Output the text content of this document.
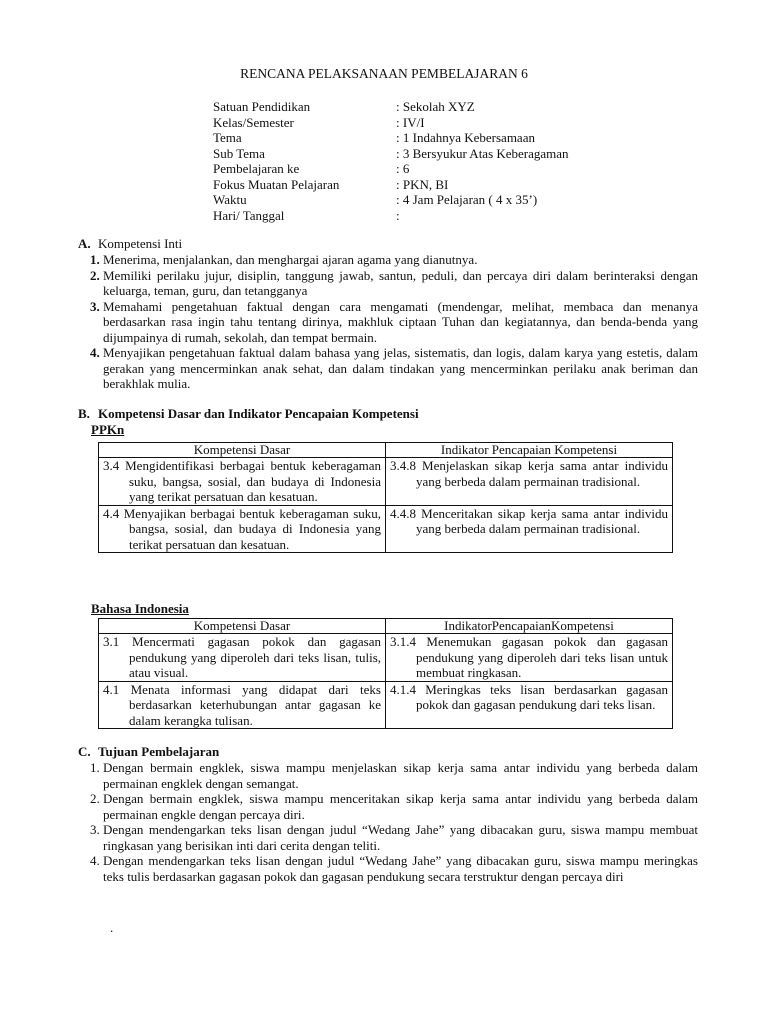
RENCANA PELAKSANAAN PEMBELAJARAN 6
Satuan Pendidikan	: Sekolah XYZ
Kelas/Semester	: IV/I
Tema	: 1 Indahnya Kebersamaan
Sub Tema	: 3 Bersyukur Atas Keberagaman
Pembelajaran ke	: 6
Fokus Muatan Pelajaran	: PKN, BI
Waktu	: 4 Jam Pelajaran ( 4 x 35’)
Hari/ Tanggal	:
A. Kompetensi Inti
1. Menerima, menjalankan, dan menghargai ajaran agama yang dianutnya.
2. Memiliki perilaku jujur, disiplin, tanggung jawab, santun, peduli, dan percaya diri dalam berinteraksi dengan keluarga, teman, guru, dan tetangganya
3. Memahami pengetahuan faktual dengan cara mengamati (mendengar, melihat, membaca dan menanya berdasarkan rasa ingin tahu tentang dirinya, makhluk ciptaan Tuhan dan kegiatannya, dan benda-benda yang dijumpainya di rumah, sekolah, dan tempat bermain.
4. Menyajikan pengetahuan faktual dalam bahasa yang jelas, sistematis, dan logis, dalam karya yang estetis, dalam gerakan yang mencerminkan anak sehat, dan dalam tindakan yang mencerminkan perilaku anak beriman dan berakhlak mulia.
B. Kompetensi Dasar dan Indikator Pencapaian Kompetensi
PPKn
Kompetensi Dasar	Indikator Pencapaian Kompetensi

3.4 Mengidentifikasi berbagai bentuk keberagaman suku, bangsa, sosial, dan budaya di Indonesia yang terikat persatuan dan kesatuan.	3.4.8 Menjelaskan sikap kerja sama antar individu yang berbeda dalam permainan tradisional.

4.4 Menyajikan berbagai bentuk keberagaman suku, bangsa, sosial, dan budaya di Indonesia yang terikat persatuan dan kesatuan.	4.4.8 Menceritakan sikap kerja sama antar individu yang berbeda dalam permainan tradisional.
Bahasa Indonesia
Kompetensi Dasar	IndikatorPencapaianKompetensi

3.1 Mencermati gagasan pokok dan gagasan pendukung yang diperoleh dari teks lisan, tulis, atau visual.	3.1.4 Menemukan gagasan pokok dan gagasan pendukung yang diperoleh dari teks lisan untuk membuat ringkasan.

4.1 Menata informasi yang didapat dari teks berdasarkan keterhubungan antar gagasan ke dalam kerangka tulisan.	4.1.4 Meringkas teks lisan berdasarkan gagasan pokok dan gagasan pendukung dari teks lisan.
C. Tujuan Pembelajaran
1. Dengan bermain engklek, siswa mampu menjelaskan sikap kerja sama antar individu yang berbeda dalam permainan engklek dengan semangat.
2. Dengan bermain engklek, siswa mampu menceritakan sikap kerja sama antar individu yang berbeda dalam permainan engkle dengan percaya diri.
3. Dengan mendengarkan teks lisan dengan judul “Wedang Jahe” yang dibacakan guru, siswa mampu membuat ringkasan yang berisikan inti dari cerita dengan teliti.
4. Dengan mendengarkan teks lisan dengan judul “Wedang Jahe” yang dibacakan guru, siswa mampu meringkas teks tulis berdasarkan gagasan pokok dan gagasan pendukung secara terstruktur dengan percaya diri
.
